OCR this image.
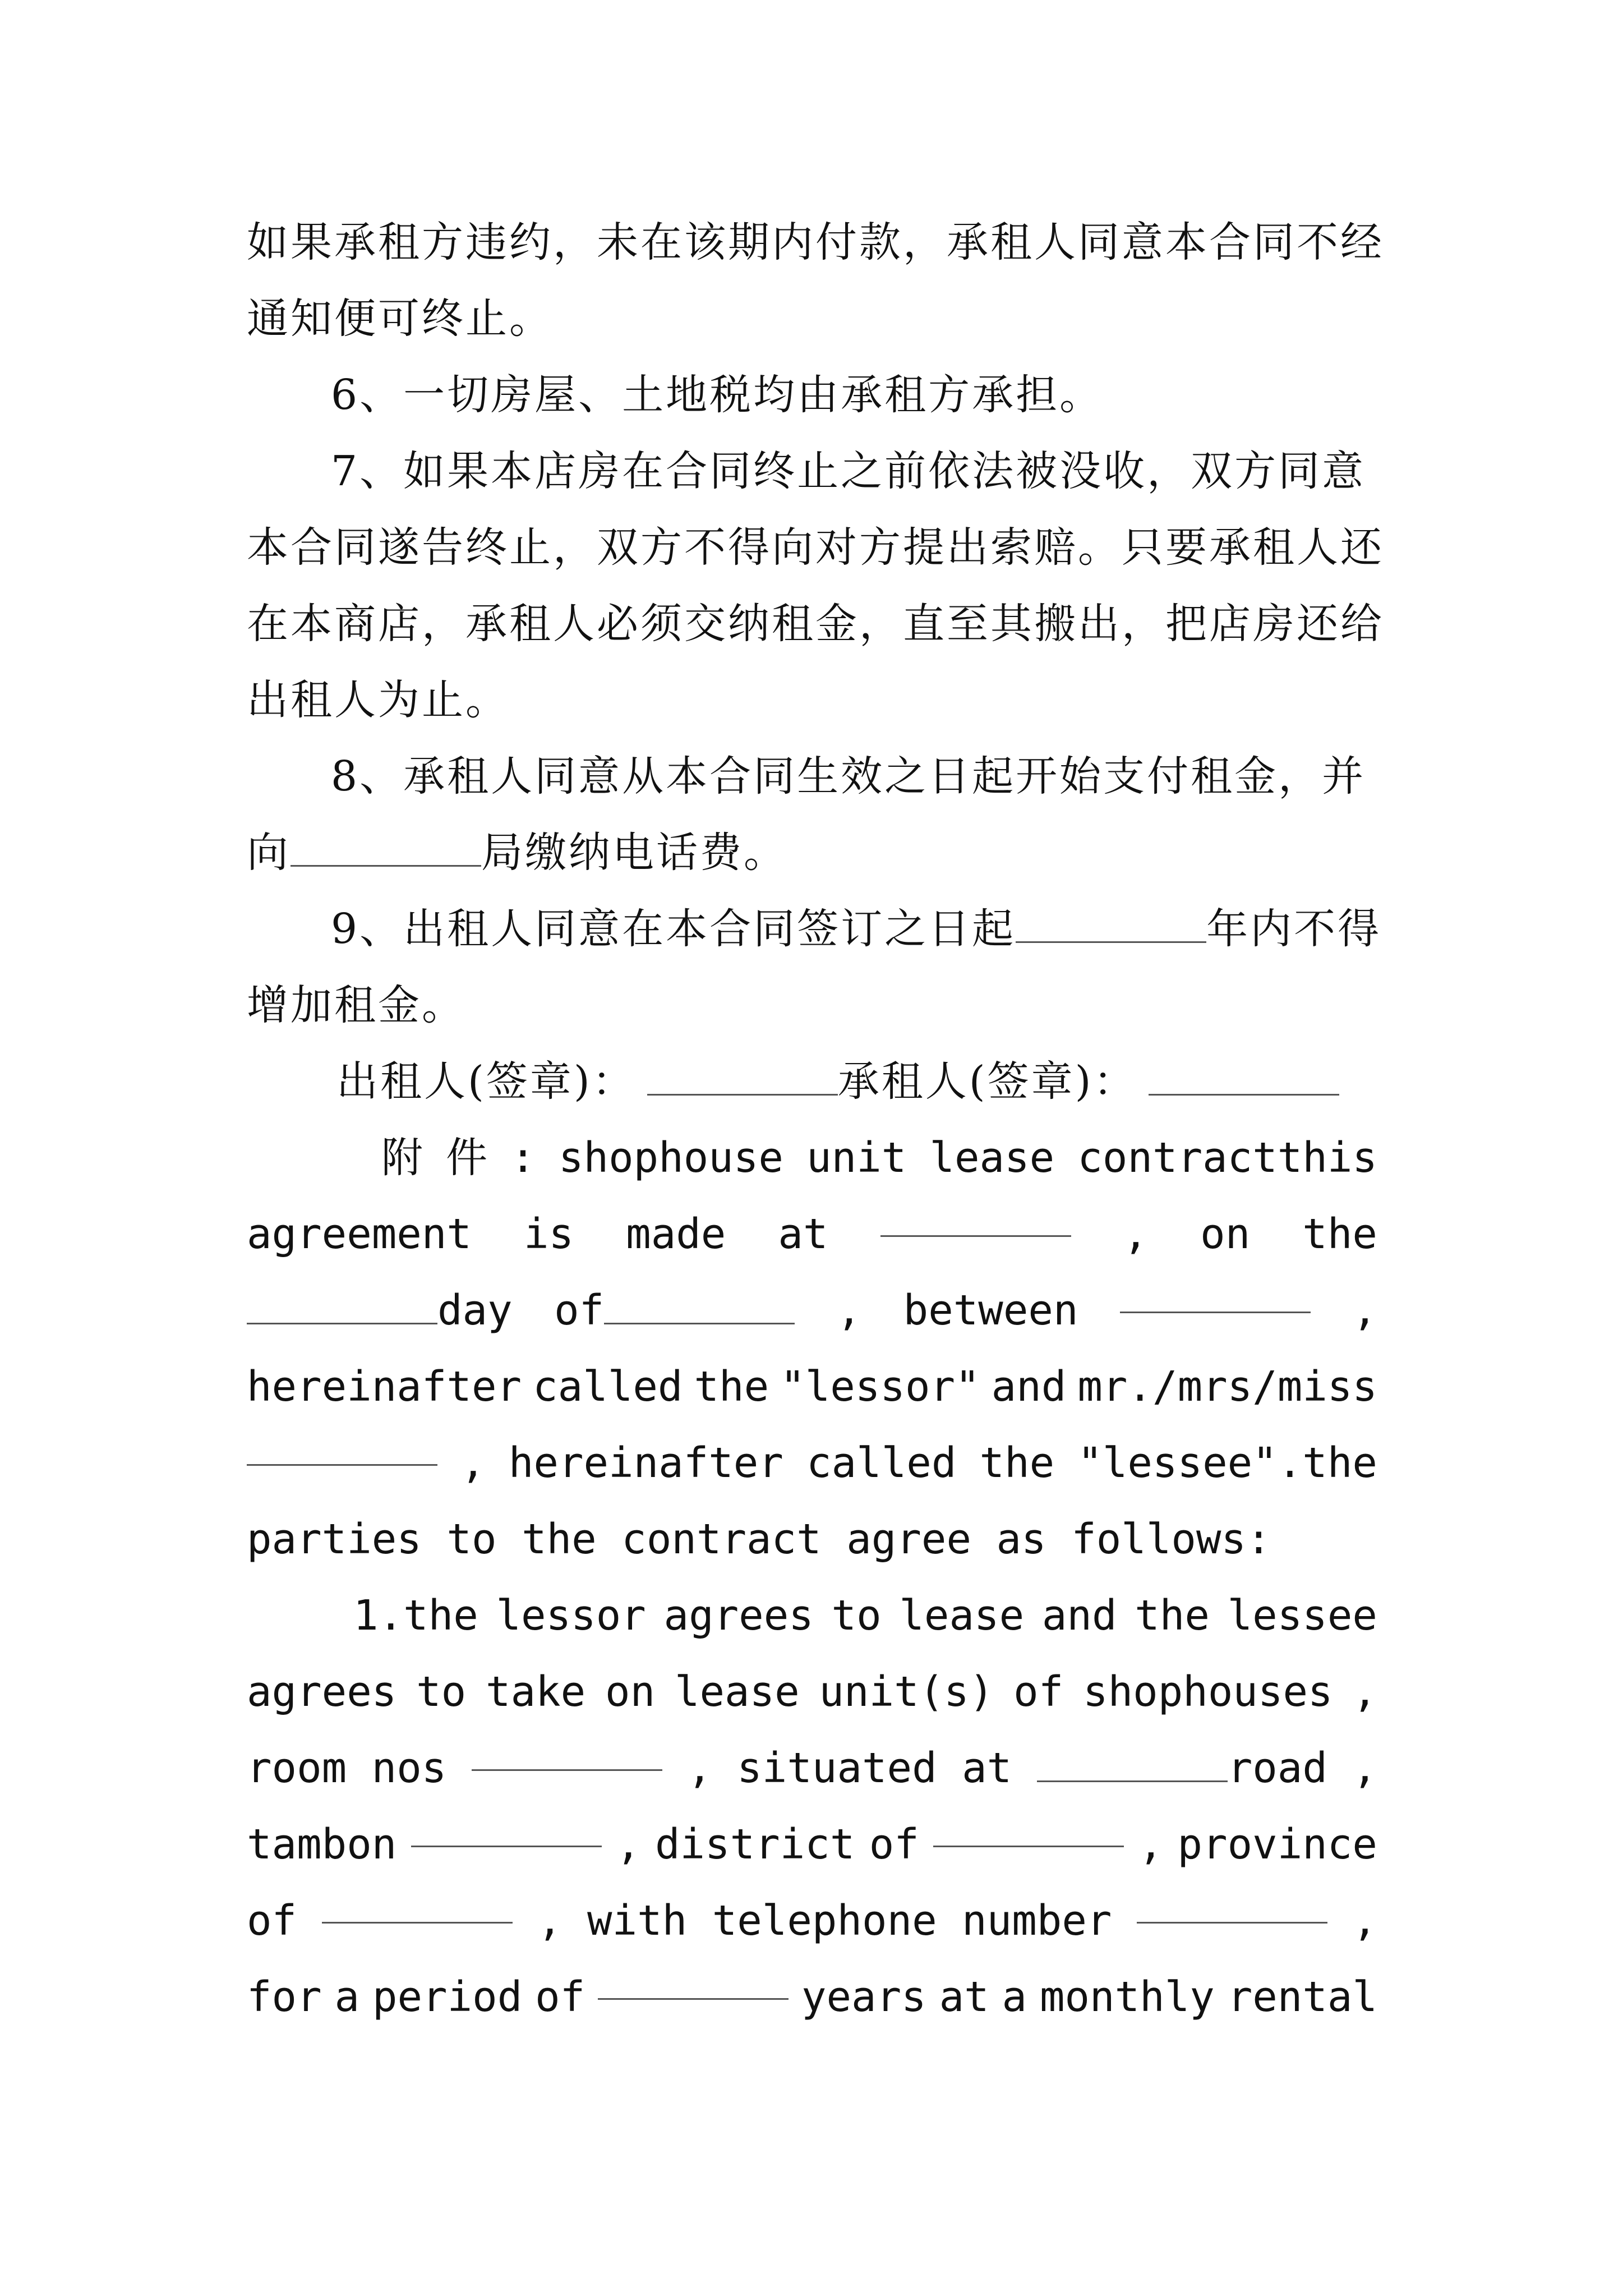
如果承租方违约，未在该期内付款，承租人同意本合同不经
通知便可终止。
6、一切房屋、土地税均由承租方承担。
7、如果本店房在合同终止之前依法被没收，双方同意
本合同遂告终止，双方不得向对方提出索赔。只要承租人还
在本商店，承租人必须交纳租金，直至其搬出，把店房还给
出租人为止。
8、承租人同意从本合同生效之日起开始支付租金，并
向	局缴纳电话费。
9、出租人同意在本合同签订之日起	年内不得
增加租金。
出租人(签章)：	承租人(签章)：
附 件 : shophouse unit lease contractthis
agreement is made at	, on the
day of	, between	,
hereinafter called the "lessor" and mr./mrs/miss
, hereinafter called the "lessee".the
parties to the contract agree as follows:
1.the lessor agrees to lease and the lessee
agrees to take on lease unit(s) of shophouses ,
room nos	, situated at	road ,
tambon	, district of	, province
of	, with telephone number	,
for a period of	years at a monthly rental
